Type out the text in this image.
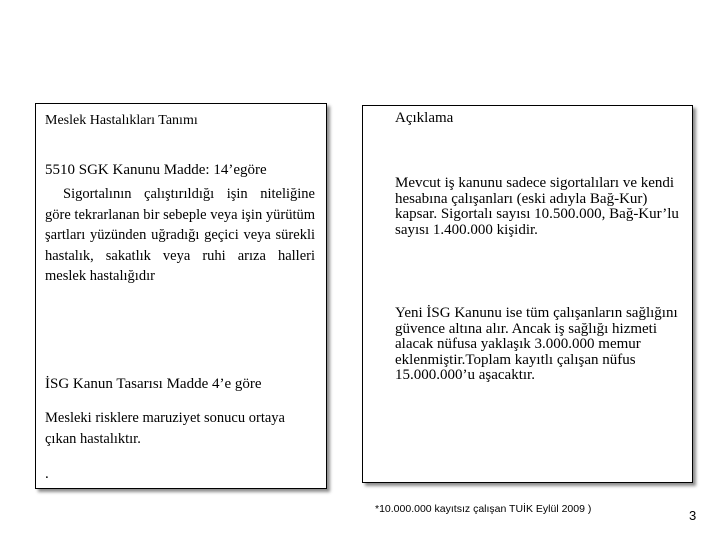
Meslek Hastalıkları Tanımı

5510 SGK Kanunu Madde: 14’egöre

Sigortalının çalıştırıldığı işin niteliğine göre tekrarlanan bir sebeple veya işin yürütüm şartları yüzünden uğradığı geçici veya sürekli hastalık, sakatlık veya ruhi arıza halleri meslek hastalığıdır

İSG Kanun Tasarısı Madde 4’e göre

Mesleki risklere maruziyet sonucu ortaya çıkan hastalıktır.

.

Açıklama

Mevcut iş kanunu sadece sigortalıları ve kendi hesabına çalışanları (eski adıyla Bağ-Kur) kapsar. Sigortalı sayısı 10.500.000, Bağ-Kur’lu sayısı 1.400.000 kişidir.

Yeni İSG Kanunu ise tüm çalışanların sağlığını güvence altına alır. Ancak iş sağlığı hizmeti alacak nüfusa yaklaşık 3.000.000 memur eklenmiştir.Toplam kayıtlı çalışan nüfus 15.000.000’u aşacaktır.

*10.000.000 kayıtsız çalışan TUİK Eylül 2009 )	3
